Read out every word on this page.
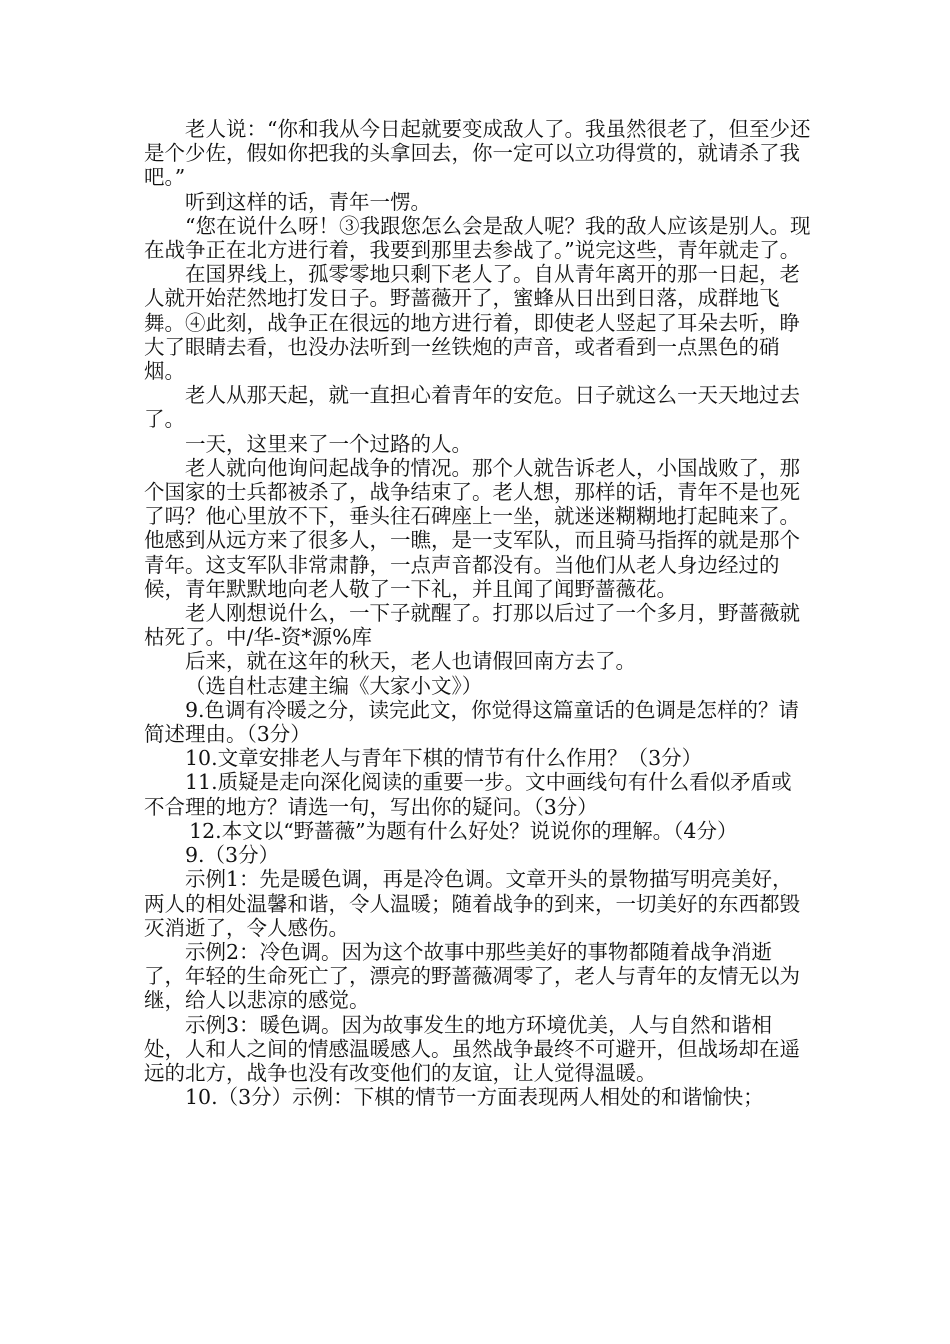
老人说：“你和我从今日起就要变成敌人了。我虽然很老了，但至少还是个少佐，假如你把我的头拿回去，你一定可以立功得赏的，就请杀了我吧。”

听到这样的话，青年一愣。

“您在说什么呀！③我跟您怎么会是敌人呢？我的敌人应该是别人。现在战争正在北方进行着，我要到那里去参战了。”说完这些，青年就走了。

在国界线上，孤零零地只剩下老人了。自从青年离开的那一日起，老人就开始茫然地打发日子。野蔷薇开了，蜜蜂从日出到日落，成群地飞舞。④此刻，战争正在很远的地方进行着，即使老人竖起了耳朵去听，睁大了眼睛去看，也没办法听到一丝铁炮的声音，或者看到一点黑色的硝烟。

老人从那天起，就一直担心着青年的安危。日子就这么一天天地过去了。

一天，这里来了一个过路的人。

老人就向他询问起战争的情况。那个人就告诉老人，小国战败了，那个国家的士兵都被杀了，战争结束了。老人想，那样的话，青年不是也死了吗？他心里放不下，垂头往石碑座上一坐，就迷迷糊糊地打起盹来了。他感到从远方来了很多人，一瞧，是一支军队，而且骑马指挥的就是那个青年。这支军队非常肃静，一点声音都没有。当他们从老人身边经过的候，青年默默地向老人敬了一下礼，并且闻了闻野蔷薇花。

老人刚想说什么，一下子就醒了。打那以后过了一个多月，野蔷薇就枯死了。中/华-资*源%库

后来，就在这年的秋天，老人也请假回南方去了。

（选自杜志建主编《大家小文》）

9.色调有冷暖之分，读完此文，你觉得这篇童话的色调是怎样的？请简述理由。（3分）

10.文章安排老人与青年下棋的情节有什么作用？（3分）

11.质疑是走向深化阅读的重要一步。文中画线句有什么看似矛盾或不合理的地方？请选一句，写出你的疑问。（3分）

12.本文以“野蔷薇”为题有什么好处？说说你的理解。（4分）

9.（3分）

示例1：先是暖色调，再是冷色调。文章开头的景物描写明亮美好，两人的相处温馨和谐，令人温暖；随着战争的到来，一切美好的东西都毁灭消逝了，令人感伤。

示例2：冷色调。因为这个故事中那些美好的事物都随着战争消逝了，年轻的生命死亡了，漂亮的野蔷薇凋零了，老人与青年的友情无以为继，给人以悲凉的感觉。

示例3：暖色调。因为故事发生的地方环境优美，人与自然和谐相处，人和人之间的情感温暖感人。虽然战争最终不可避开，但战场却在遥远的北方，战争也没有改变他们的友谊，让人觉得温暖。

10.（3分）示例：下棋的情节一方面表现两人相处的和谐愉快；
